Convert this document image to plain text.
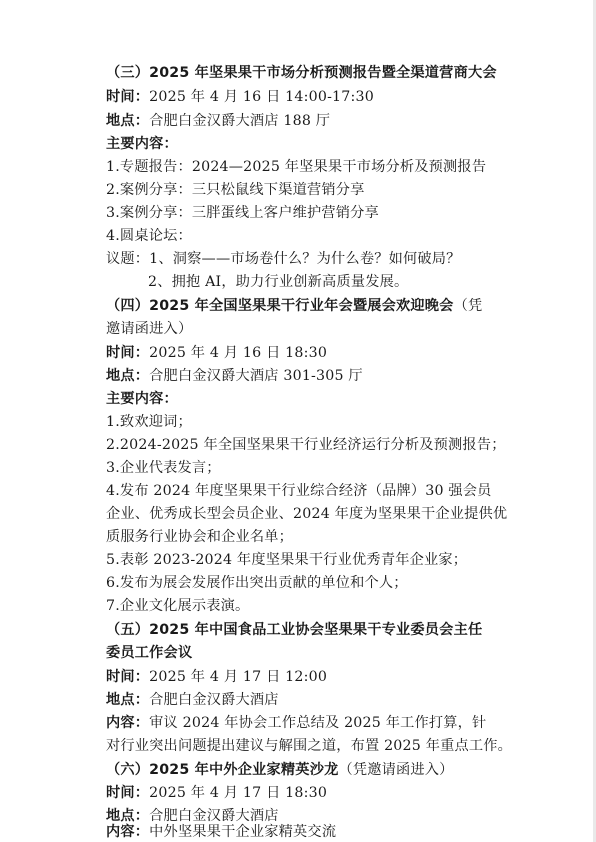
（三）2025 年坚果果干市场分析预测报告暨全渠道营商大会
时间：2025 年 4 月 16 日 14:00-17:30
地点：合肥白金汉爵大酒店 188 厅
主要内容：
1.专题报告：2024—2025 年坚果果干市场分析及预测报告
2.案例分享：三只松鼠线下渠道营销分享
3.案例分享：三胖蛋线上客户维护营销分享
4.圆桌论坛：
议题：1、洞察——市场卷什么？为什么卷？如何破局？
2、拥抱 AI，助力行业创新高质量发展。
（四）2025 年全国坚果果干行业年会暨展会欢迎晚会（凭
邀请函进入）
时间：2025 年 4 月 16 日 18:30
地点：合肥白金汉爵大酒店 301-305 厅
主要内容：
1.致欢迎词；
2.2024-2025 年全国坚果果干行业经济运行分析及预测报告；
3.企业代表发言；
4.发布 2024 年度坚果果干行业综合经济（品牌）30 强会员
企业、优秀成长型会员企业、2024 年度为坚果果干企业提供优
质服务行业协会和企业名单；
5.表彰 2023-2024 年度坚果果干行业优秀青年企业家；
6.发布为展会发展作出突出贡献的单位和个人；
7.企业文化展示表演。
（五）2025 年中国食品工业协会坚果果干专业委员会主任
委员工作会议
时间：2025 年 4 月 17 日 12:00
地点：合肥白金汉爵大酒店
内容：审议 2024 年协会工作总结及 2025 年工作打算，针
对行业突出问题提出建议与解围之道，布置 2025 年重点工作。
（六）2025 年中外企业家精英沙龙（凭邀请函进入）
时间：2025 年 4 月 17 日 18:30
地点：合肥白金汉爵大酒店
内容：中外坚果果干企业家精英交流
